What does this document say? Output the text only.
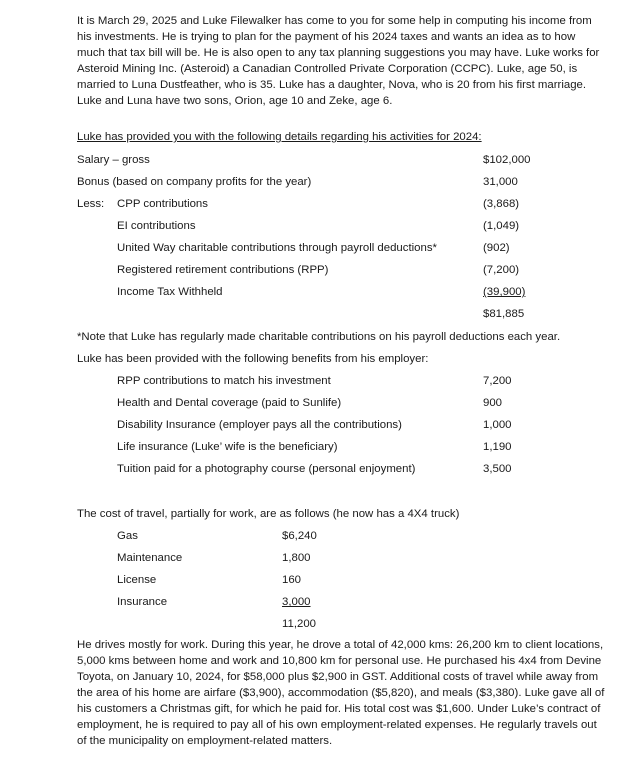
It is March 29, 2025 and Luke Filewalker has come to you for some help in computing his income from his investments. He is trying to plan for the payment of his 2024 taxes and wants an idea as to how much that tax bill will be. He is also open to any tax planning suggestions you may have. Luke works for Asteroid Mining Inc. (Asteroid) a Canadian Controlled Private Corporation (CCPC). Luke, age 50, is married to Luna Dustfeather, who is 35. Luke has a daughter, Nova, who is 20 from his first marriage. Luke and Luna have two sons, Orion, age 10 and Zeke, age 6.

Luke has provided you with the following details regarding his activities for 2024:
Salary – gross	$102,000
Bonus (based on company profits for the year)	31,000
Less: CPP contributions	(3,868)
EI contributions	(1,049)
United Way charitable contributions through payroll deductions*	(902)
Registered retirement contributions (RPP)	(7,200)
Income Tax Withheld	(39,900)
$81,885
*Note that Luke has regularly made charitable contributions on his payroll deductions each year.
Luke has been provided with the following benefits from his employer:
RPP contributions to match his investment	7,200
Health and Dental coverage (paid to Sunlife)	900
Disability Insurance (employer pays all the contributions)	1,000
Life insurance (Luke’ wife is the beneficiary)	1,190
Tuition paid for a photography course (personal enjoyment)	3,500
The cost of travel, partially for work, are as follows (he now has a 4X4 truck)
Gas	$6,240
Maintenance	1,800
License	160
Insurance	3,000
11,200

He drives mostly for work. During this year, he drove a total of 42,000 kms: 26,200 km to client locations, 5,000 kms between home and work and 10,800 km for personal use. He purchased his 4x4 from Devine Toyota, on January 10, 2024, for $58,000 plus $2,900 in GST. Additional costs of travel while away from the area of his home are airfare ($3,900), accommodation ($5,820), and meals ($3,380). Luke gave all of his customers a Christmas gift, for which he paid for. His total cost was $1,600. Under Luke’s contract of employment, he is required to pay all of his own employment-related expenses. He regularly travels out of the municipality on employment-related matters.
